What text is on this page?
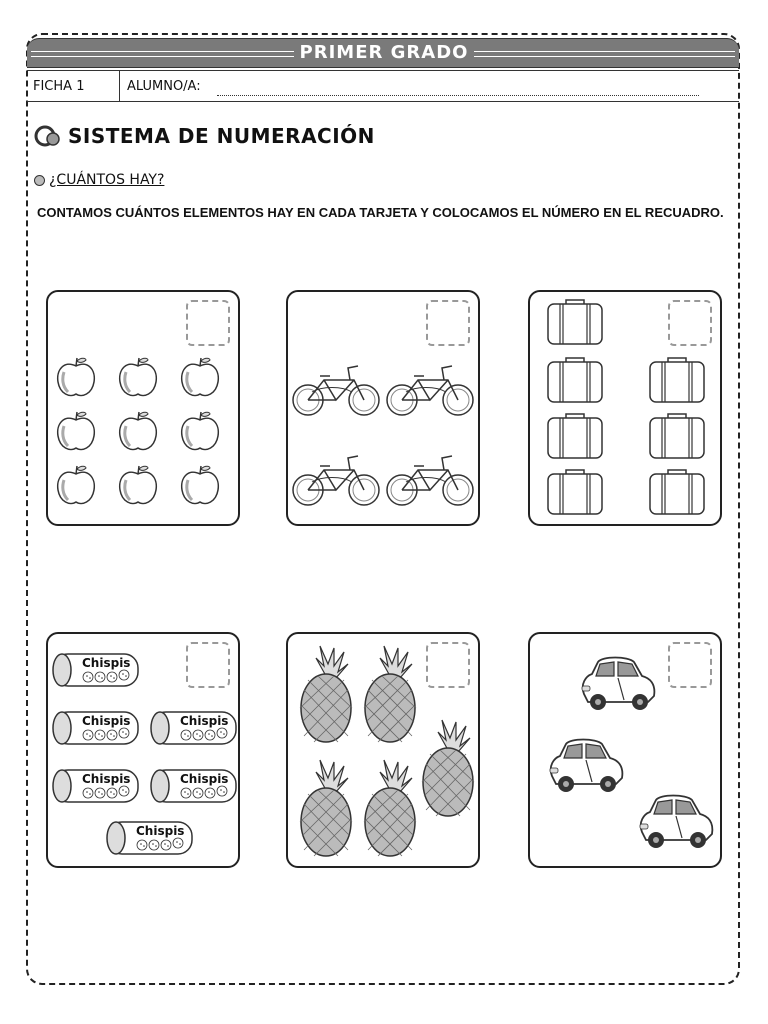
PRIMER GRADO
FICHA 1	ALUMNO/A:
SISTEMA DE NUMERACIÓN
¿CUÁNTOS HAY?
CONTAMOS CUÁNTOS ELEMENTOS HAY EN CADA TARJETA Y COLOCAMOS EL NÚMERO EN EL RECUADRO.
Chispis
Chispis	Chispis
Chispis	Chispis
Chispis
